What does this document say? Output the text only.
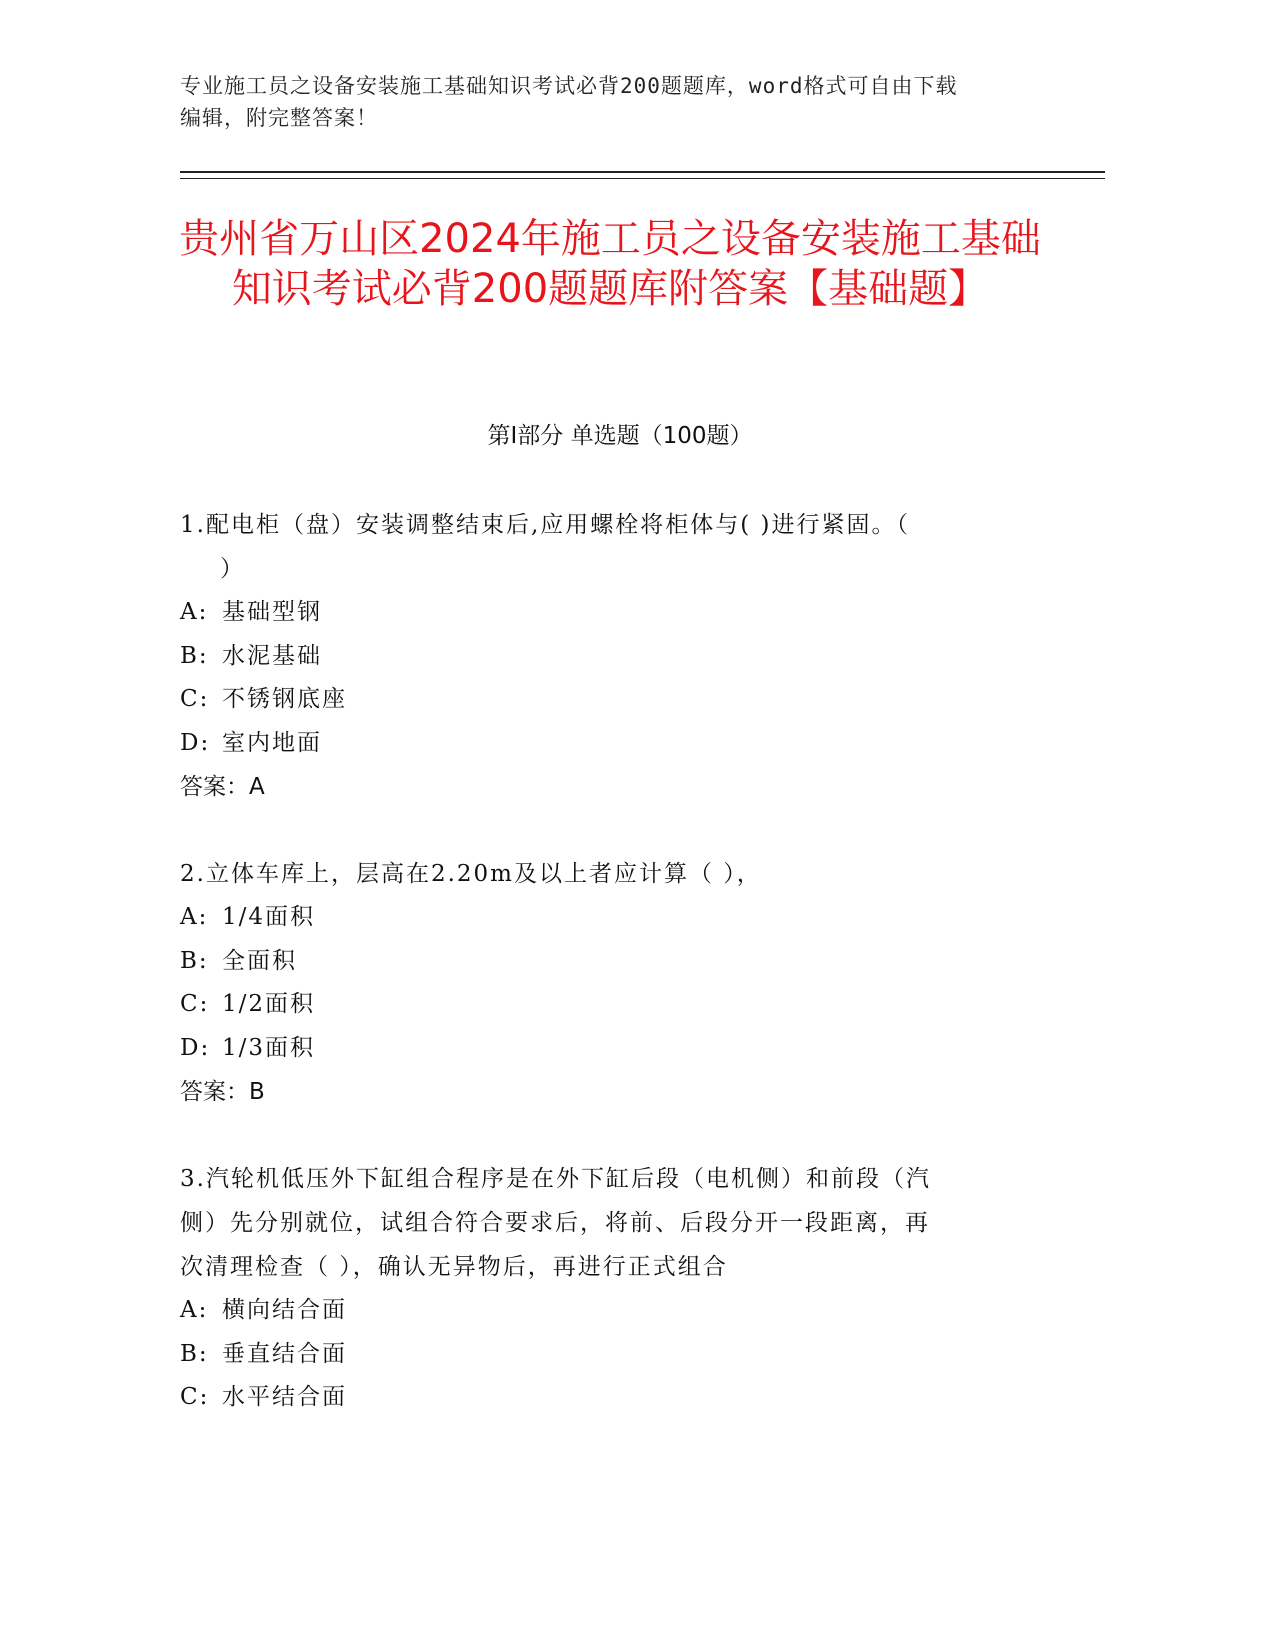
专业施工员之设备安装施工基础知识考试必背200题题库，word格式可自由下载
编辑，附完整答案！
贵州省万山区2024年施工员之设备安装施工基础知识考试必背200题题库附答案【基础题】
第Ⅰ部分 单选题（100题）
1.配电柜（盘）安装调整结束后,应用螺栓将柜体与( )进行紧固。（
）
A: 基础型钢
B: 水泥基础
C: 不锈钢底座
D: 室内地面
答案：A
2.立体车库上，层高在2.20m及以上者应计算（ ），
A: 1/4面积
B: 全面积
C: 1/2面积
D: 1/3面积
答案：B
3.汽轮机低压外下缸组合程序是在外下缸后段（电机侧）和前段（汽
侧）先分别就位，试组合符合要求后，将前、后段分开一段距离，再
次清理检查（ ），确认无异物后，再进行正式组合
A: 横向结合面
B: 垂直结合面
C: 水平结合面
